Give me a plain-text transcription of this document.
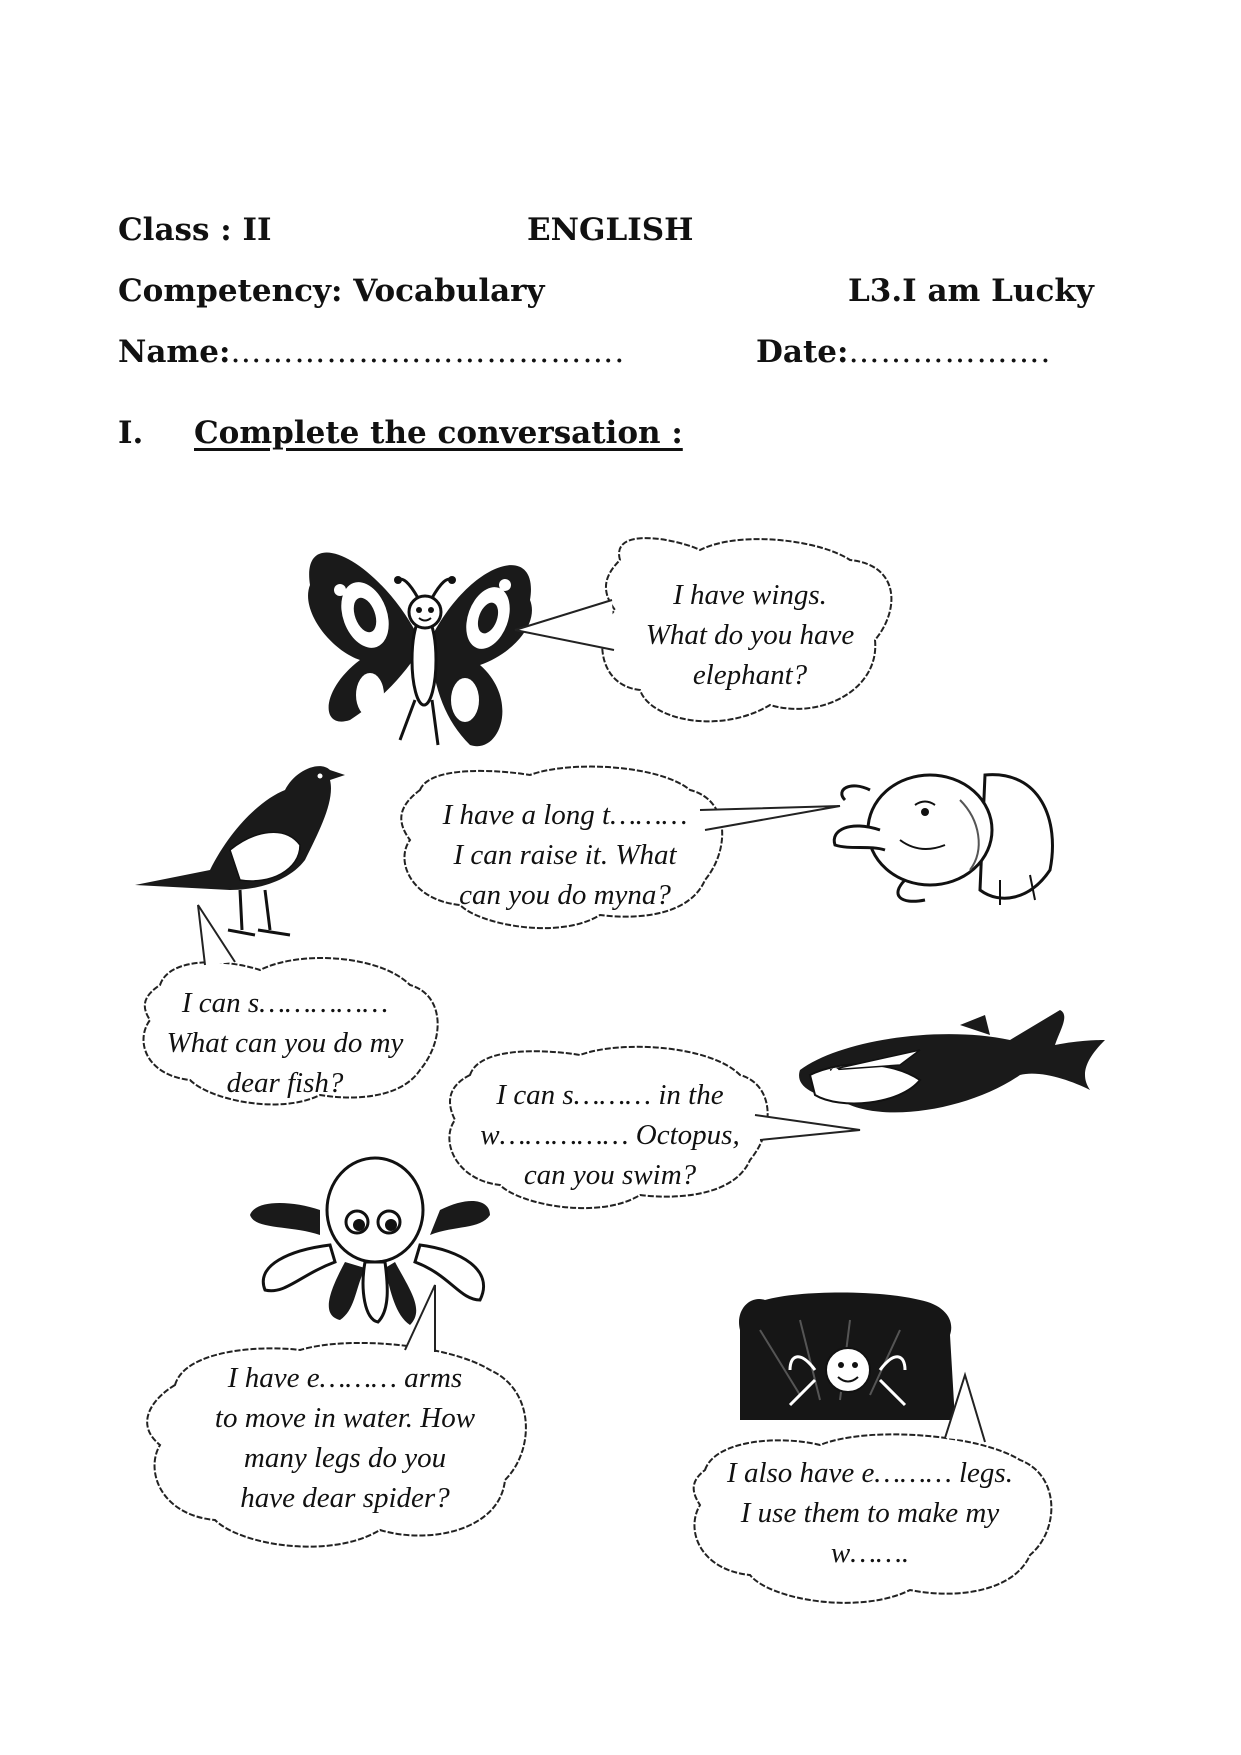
Class : II	ENGLISH
Competency: Vocabulary	L3.I am Lucky
Name:……………………………….	Date:……………….
I. Complete the conversation :
I have wings.
What do you have
elephant?
I can s……………
What can you do my
dear fish?
I have a long t………
I can raise it. What
can you do myna?
I can s……… in the
w…………… Octopus,
can you swim?
I have e……… arms
to move in water. How
many legs do you
have dear spider?
I also have e……… legs.
I use them to make my
w…….
